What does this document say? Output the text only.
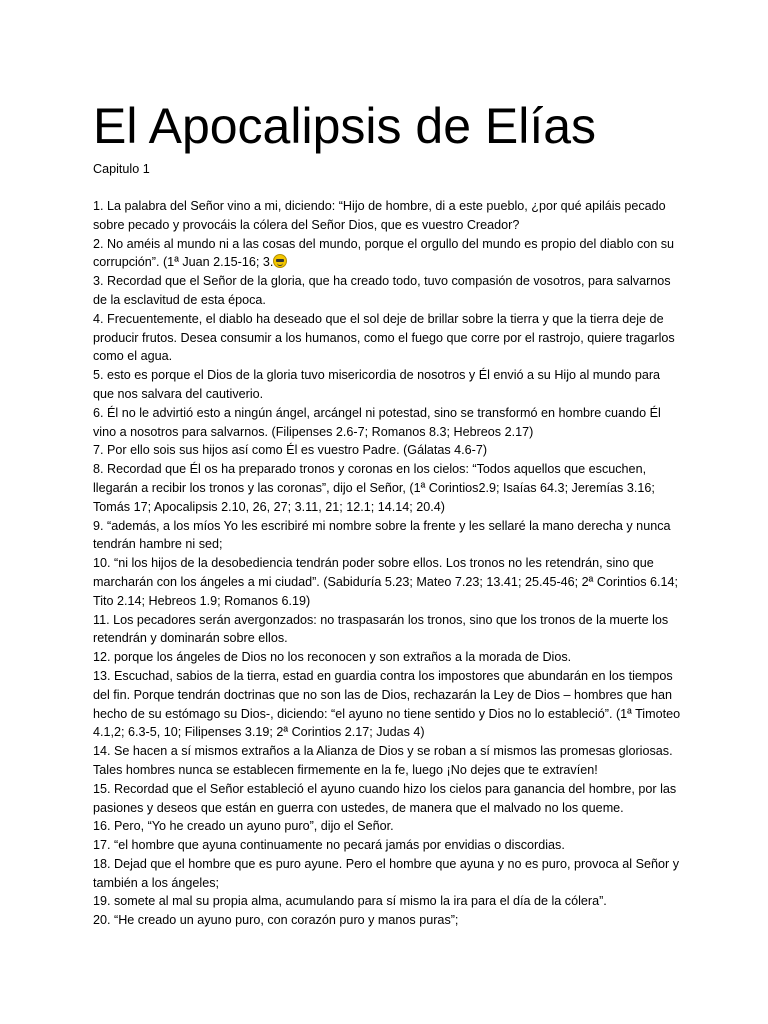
El Apocalipsis de Elías
Capitulo 1
1. La palabra del Señor vino a mi, diciendo: “Hijo de hombre, di a este pueblo, ¿por qué apiláis pecado sobre pecado y provocáis la cólera del Señor Dios, que es vuestro Creador?
2. No améis al mundo ni a las cosas del mundo, porque el orgullo del mundo es propio del diablo con su corrupción”. (1ª Juan 2.15-16; 3.
3. Recordad que el Señor de la gloria, que ha creado todo, tuvo compasión de vosotros, para salvarnos de la esclavitud de esta época.
4. Frecuentemente, el diablo ha deseado que el sol deje de brillar sobre la tierra y que la tierra deje de producir frutos. Desea consumir a los humanos, como el fuego que corre por el rastrojo, quiere tragarlos como el agua.
5. esto es porque el Dios de la gloria tuvo misericordia de nosotros y Él envió a su Hijo al mundo para que nos salvara del cautiverio.
6. Él no le advirtió esto a ningún ángel, arcángel ni potestad, sino se transformó en hombre cuando Él vino a nosotros para salvarnos. (Filipenses 2.6-7; Romanos 8.3; Hebreos 2.17)
7. Por ello sois sus hijos así como Él es vuestro Padre. (Gálatas 4.6-7)
8. Recordad que Él os ha preparado tronos y coronas en los cielos: “Todos aquellos que escuchen, llegarán a recibir los tronos y las coronas”, dijo el Señor, (1ª Corintios2.9; Isaías 64.3; Jeremías 3.16; Tomás 17; Apocalipsis 2.10, 26, 27; 3.11, 21; 12.1; 14.14; 20.4)
9. “además, a los míos Yo les escribiré mi nombre sobre la frente y les sellaré la mano derecha y nunca tendrán hambre ni sed;
10. “ni los hijos de la desobediencia tendrán poder sobre ellos. Los tronos no les retendrán, sino que marcharán con los ángeles a mi ciudad”. (Sabiduría 5.23; Mateo 7.23; 13.41; 25.45-46; 2ª Corintios 6.14; Tito 2.14; Hebreos 1.9; Romanos 6.19)
11. Los pecadores serán avergonzados: no traspasarán los tronos, sino que los tronos de la muerte los retendrán y dominarán sobre ellos.
12. porque los ángeles de Dios no los reconocen y son extraños a la morada de Dios.
13. Escuchad, sabios de la tierra, estad en guardia contra los impostores que abundarán en los tiempos del fin. Porque tendrán doctrinas que no son las de Dios, rechazarán la Ley de Dios – hombres que han hecho de su estómago su Dios-, diciendo: “el ayuno no tiene sentido y Dios no lo estableció”. (1ª Timoteo 4.1,2; 6.3-5, 10; Filipenses 3.19; 2ª Corintios 2.17; Judas 4)
14. Se hacen a sí mismos extraños a la Alianza de Dios y se roban a sí mismos las promesas gloriosas. Tales hombres nunca se establecen firmemente en la fe, luego ¡No dejes que te extravíen!
15. Recordad que el Señor estableció el ayuno cuando hizo los cielos para ganancia del hombre, por las pasiones y deseos que están en guerra con ustedes, de manera que el malvado no los queme.
16. Pero, “Yo he creado un ayuno puro”, dijo el Señor.
17. “el hombre que ayuna continuamente no pecará jamás por envidias o discordias.
18. Dejad que el hombre que es puro ayune. Pero el hombre que ayuna y no es puro, provoca al Señor y también a los ángeles;
19. somete al mal su propia alma, acumulando para sí mismo la ira para el día de la cólera”.
20. “He creado un ayuno puro, con corazón puro y manos puras”;
